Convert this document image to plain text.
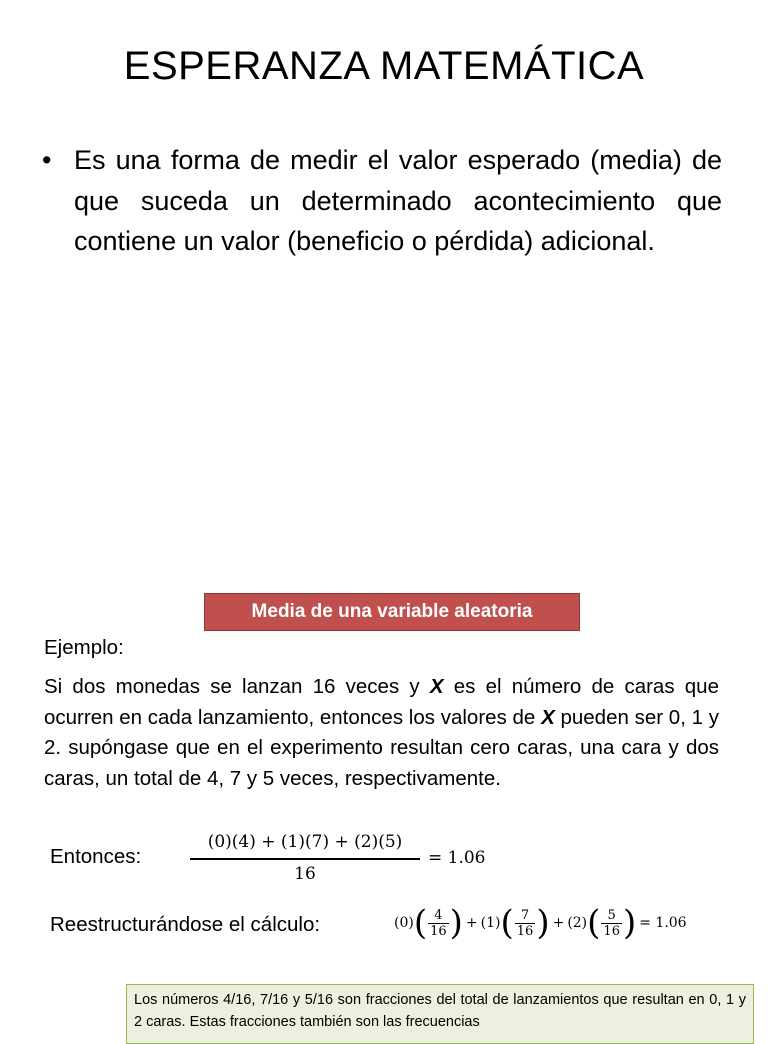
ESPERANZA MATEMÁTICA
• Es una forma de medir el valor esperado (media) de que suceda un determinado acontecimiento que contiene un valor (beneficio o pérdida) adicional.
Media de una variable aleatoria
Ejemplo:
Si dos monedas se lanzan 16 veces y X es el número de caras que ocurren en cada lanzamiento, entonces los valores de X pueden ser 0, 1 y 2. supóngase que en el experimento resultan cero caras, una cara y dos caras, un total de 4, 7 y 5 veces, respectivamente.
Entonces:
(0)(4) + (1)(7) + (2)(5)
16
= 1.06
Reestructurándose el cálculo:	(0) ( 4
16 ) + (1) ( 7
16 ) + (2) ( 5
16 ) = 1.06
Los números 4/16, 7/16 y 5/16 son fracciones del total de lanzamientos que resultan en 0, 1 y 2 caras. Estas fracciones también son las frecuencias
